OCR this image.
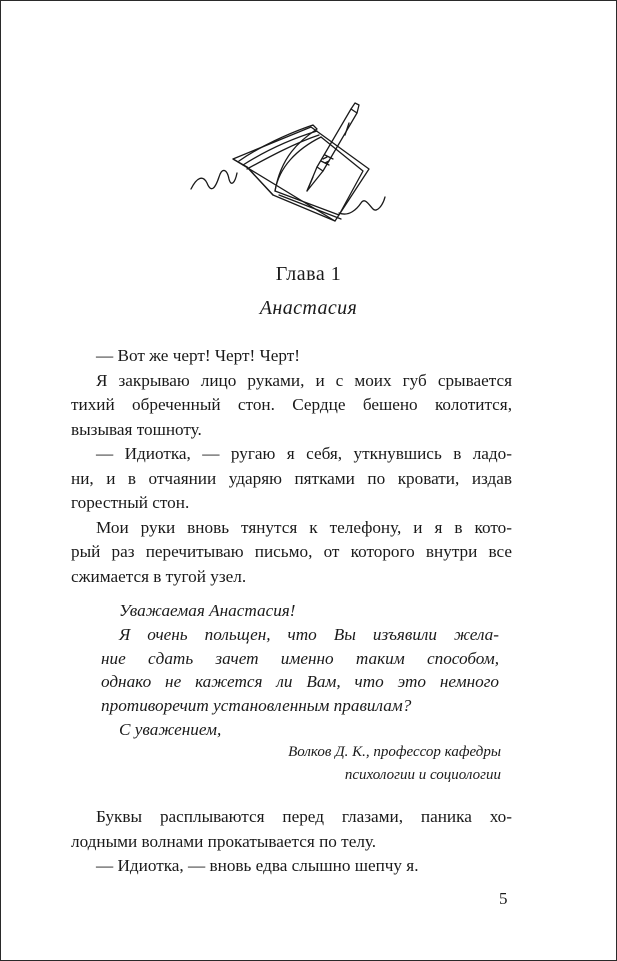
Глава 1
Анастасия
— Вот же черт! Черт! Черт!
Я закрываю лицо руками, и с моих губ срывается
тихий обреченный стон. Сердце бешено колотится,
вызывая тошноту.
— Идиотка, — ругаю я себя, уткнувшись в ладо-
ни, и в отчаянии ударяю пятками по кровати, издав
горестный стон.
Мои руки вновь тянутся к телефону, и я в кото-
рый раз перечитываю письмо, от которого внутри все
сжимается в тугой узел.
Уважаемая Анастасия!
Я очень польщен, что Вы изъявили жела-
ние сдать зачет именно таким способом,
однако не кажется ли Вам, что это немного
противоречит установленным правилам?
С уважением,
Волков Д. К., профессор кафедры
психологии и социологии
Буквы расплываются перед глазами, паника хо-
лодными волнами прокатывается по телу.
— Идиотка, — вновь едва слышно шепчу я.
5
